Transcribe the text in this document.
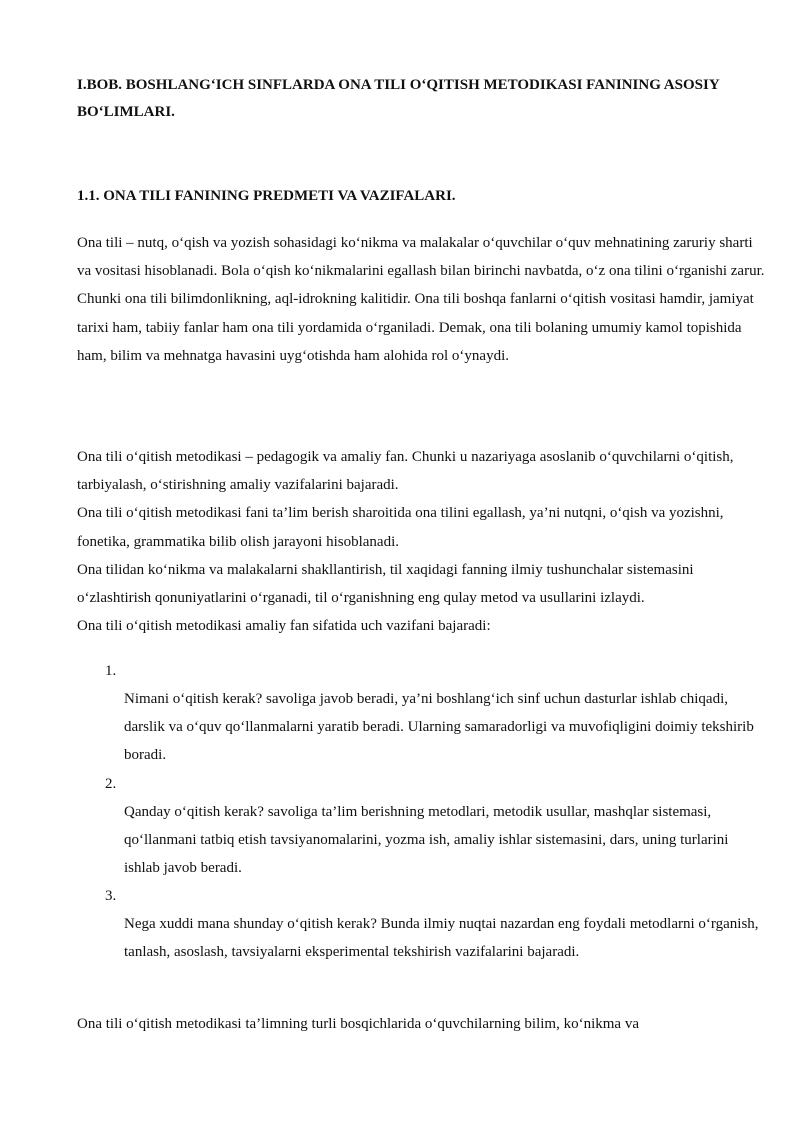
I.BOB. BOSHLANG‘ICH SINFLARDA ONA TILI O‘QITISH METODIKASI FANINING ASOSIY BO‘LIMLARI.
1.1. ONA TILI FANINING PREDMETI VA VAZIFALARI.

Ona tili – nutq, o‘qish va yozish sohasidagi ko‘nikma va malakalar o‘quvchilar o‘quv mehnatining zaruriy sharti va vositasi hisoblanadi. Bola o‘qish ko‘nikmalarini egallash bilan birinchi navbatda, o‘z ona tilini o‘rganishi zarur. Chunki ona tili bilimdonlikning, aql-idrokning kalitidir. Ona tili boshqa fanlarni o‘qitish vositasi hamdir, jamiyat tarixi ham, tabiiy fanlar ham ona tili yordamida o‘rganiladi. Demak, ona tili bolaning umumiy kamol topishida ham, bilim va mehnatga havasini uyg‘otishda ham alohida rol o‘ynaydi.

Ona tili o‘qitish metodikasi – pedagogik va amaliy fan. Chunki u nazariyaga asoslanib o‘quvchilarni o‘qitish, tarbiyalash, o‘stirishning amaliy vazifalarini bajaradi.
Ona tili o‘qitish metodikasi fani ta’lim berish sharoitida ona tilini egallash, ya’ni nutqni, o‘qish va yozishni, fonetika, grammatika bilib olish jarayoni hisoblanadi.
Ona tilidan ko‘nikma va malakalarni shakllantirish, til xaqidagi fanning ilmiy tushunchalar sistemasini o‘zlashtirish qonuniyatlarini o‘rganadi, til o‘rganishning eng qulay metod va usullarini izlaydi.
Ona tili o‘qitish metodikasi amaliy fan sifatida uch vazifani bajaradi:
1.
Nimani o‘qitish kerak? savoliga javob beradi, ya’ni boshlang‘ich sinf uchun dasturlar ishlab chiqadi, darslik va o‘quv qo‘llanmalarni yaratib beradi. Ularning samaradorligi va muvofiqligini doimiy tekshirib boradi.
2.
Qanday o‘qitish kerak? savoliga ta’lim berishning metodlari, metodik usullar, mashqlar sistemasi, qo‘llanmani tatbiq etish tavsiyanomalarini, yozma ish, amaliy ishlar sistemasini, dars, uning turlarini ishlab javob beradi.
3.
Nega xuddi mana shunday o‘qitish kerak? Bunda ilmiy nuqtai nazardan eng foydali metodlarni o‘rganish, tanlash, asoslash, tavsiyalarni eksperimental tekshirish vazifalarini bajaradi.

Ona tili o‘qitish metodikasi ta’limning turli bosqichlarida o‘quvchilarning bilim, ko‘nikma va
